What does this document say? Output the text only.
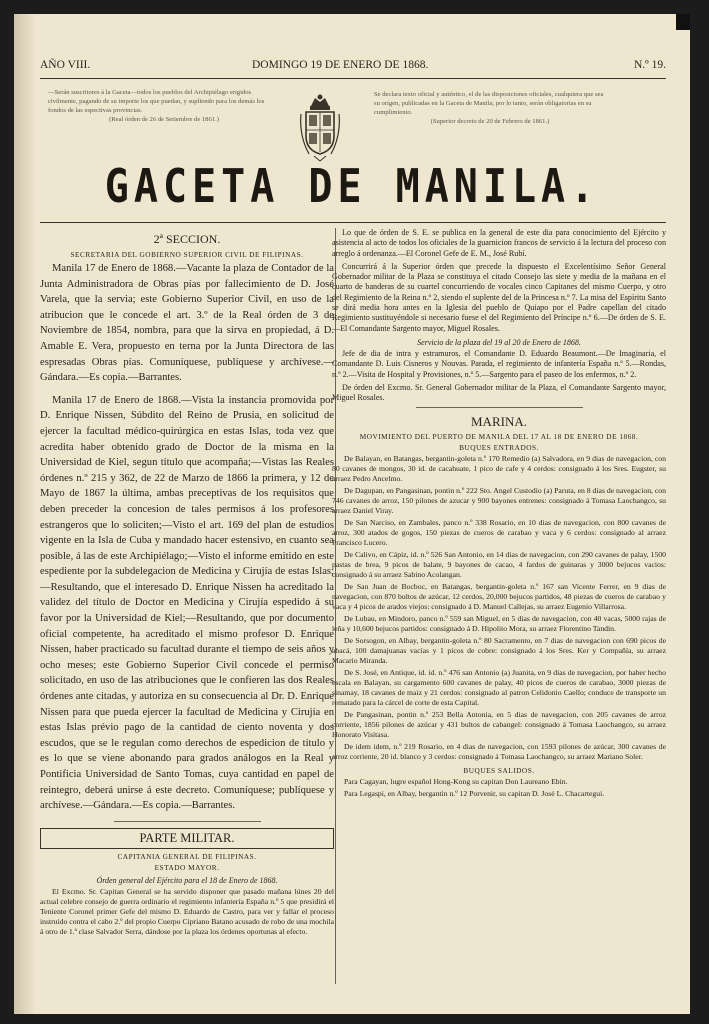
AÑO VIII.	DOMINGO 19 DE ENERO DE 1868.	N.º 19.
—Serán suscritores á la Gaceta—todos los pueblos del Archipiélago erigidos civilmente, pagando de su importe los que puedan, y supliendo para los demás los fondos de las espectivas provincias.
(Real órden de 26 de Setiembre de 1861.)
Se declara texto oficial y auténtico, el de las disposiciones oficiales, cualquiera que sea su orígen, publicadas en la Gaceta de Manila; por lo tanto, serán obligatorias en su cumplimiento.
(Superior decreto de 20 de Febrero de 1861.)
GACETA DE MANILA.
2ª SECCION.
SECRETARIA DEL GOBIERNO SUPERIOR CIVIL DE FILIPINAS.

Manila 17 de Enero de 1868.—Vacante la plaza de Contador de la Junta Administradora de Obras pías por fallecimiento de D. José Varela, que la servia; este Gobierno Superior Civil, en uso de la atribucion que le concede el art. 3.º de la Real órden de 3 de Noviembre de 1854, nombra, para que la sirva en propiedad, á D. Amable E. Vera, propuesto en terna por la Junta Directora de las espresadas Obras pías. Comuníquese, publíquese y archívese.—Gándara.—Es copia.—Barrantes.

Manila 17 de Enero de 1868.—Vista la instancia promovida por D. Enrique Nissen, Súbdito del Reino de Prusia, en solicitud de ejercer la facultad médico-quirúrgica en estas Islas, toda vez que acredita haber obtenido grado de Doctor de la misma en la Universidad de Kiel, segun título que acompaña;—Vistas las Reales órdenes n.º 215 y 362, de 22 de Marzo de 1866 la primera, y 12 de Mayo de 1867 la última, ambas preceptivas de los requisitos que deben preceder la concesion de tales permisos á los profesores estrangeros que lo soliciten;—Visto el art. 169 del plan de estudios vigente en la Isla de Cuba y mandado hacer estensivo, en cuanto sea posible, á las de este Archipiélago;—Visto el informe emitido en este espediente por la subdelegacion de Medicina y Cirujía de estas Islas;—Resultando, que el interesado D. Enrique Nissen ha acreditado la validez del título de Doctor en Medicina y Cirujía espedido á su favor por la Universidad de Kiel;—Resultando, que por documento oficial competente, ha acreditado el mismo profesor D. Enrique Nissen, haber practicado su facultad durante el tiempo de seis años y ocho meses; este Gobierno Superior Civil concede el permiso solicitado, en uso de las atribuciones que le confieren las dos Reales órdenes ante citadas, y autoriza en su consecuencia al Dr. D. Enrique Nissen para que pueda ejercer la facultad de Medicina y Cirujía en estas Islas prévio pago de la cantidad de ciento noventa y dos escudos, que se le regulan como derechos de espedicion de título y es lo que se viene abonando para grados análogos en la Real y Pontificia Universidad de Santo Tomas, cuya cantidad en papel de reintegro, deberá unirse á este decreto. Comuníquese; publíquese y archívese.—Gándara.—Es copia.—Barrantes.

PARTE MILITAR.
CAPITANIA GENERAL DE FILIPINAS.
ESTADO MAYOR.
Órden general del Ejército para el 18 de Enero de 1868.

El Excmo. Sr. Capitan General se ha servido disponer que pasado mañana lúnes 20 del actual celebre consejo de guerra ordinario el regimiento infantería España n.º 5 que presidirá el Teniente Coronel primer Gefe del mismo D. Eduardo de Castro, para ver y fallar el proceso instruido contra el cabo 2.º del propio Cuerpo Cipriano Batano acusado de robo de una mochila á otro de 1.ª clase Salvador Serra, dándose por la plaza los órdenes oportunas al efecto.

Lo que de órden de S. E. se publica en la general de este dia para conocimiento del Ejército y asistencia al acto de todos los oficiales de la guarnicion francos de servicio á la lectura del proceso con arreglo á ordenanza.—El Coronel Gefe de E. M., José Rubí.

Concurrirá á la Superior órden que precede la dispuesto el Excelentísimo Señor General Gobernador militar de la Plaza se constituya el citado Consejo las siete y media de la mañana en el cuarto de banderas de su cuartel concurriendo de vocales cinco Capitanes del mismo Cuerpo, y otro del Regimiento de la Reina n.º 2, siendo el suplente del de la Princesa n.º 7. La misa del Espíritu Santo se dirá media hora antes en la Iglesia del pueblo de Quiapo por el Padre capellan del citado Regimiento sustituyéndole si necesario fuese el del Regimiento del Príncipe n.º 6.—De órden de S. E.—El Comandante Sargento mayor, Miguel Rosales.

Servicio de la plaza del 19 al 20 de Enero de 1868.

Jefe de dia de intra y estramuros, el Comandante D. Eduardo Beaumont.—De Imaginaria, el Comandante D. Luis Cisneros y Nouvas. Parada, el regimiento de infantería España n.º 5.—Rondas, n.º 2.—Visita de Hospital y Provisiones, n.º 5.—Sargento para el paseo de los enfermos, n.º 2.

De órden del Excmo. Sr. General Gobernador militar de la Plaza, el Comandante Sargento mayor, Miguel Rosales.

MARINA.
MOVIMIENTO DEL PUERTO DE MANILA DEL 17 AL 18 DE ENERO DE 1868.
BUQUES ENTRADOS.

De Balayan, en Batangas, bergantin-goleta n.º 170 Remedio (a) Salvadora, en 9 dias de navegacion, con 80 cavanes de mongos, 30 id. de cacahuate, 1 pico de cafe y 4 cerdos: consignado á los Sres. Eugster, su arraez Pedro Ancelmo.

De Dagupan, en Pangasinan, pontin n.º 222 Sto. Angel Custodio (a) Paruta, en 8 dias de navegacion, con 746 cavanes de arroz, 150 pilones de azucar y 900 bayones entrenes: consignado á Tomasa Laochangco, su arraez Daniel Viray.

De San Narciso, en Zambales, panco n.º 338 Rosario, en 10 dias de navegacion, con 800 cavanes de arroz, 300 atados de gogos, 150 piezas de cueros de carabao y vaca y 6 cerdos: consignado al arraez Francisco Lucero.

De Calivo, en Cápiz, id. n.º 526 San Antonio, en 14 dias de navegacion, con 290 cavanes de palay, 1500 pastas de brea, 9 picos de balate, 9 bayones de cacao, 4 fardos de guinaras y 3000 bejucos vacios: consignado á su arraez Sabino Acolangan.

De San Juan de Bocboc, en Batangas, bergantin-goleta n.º 167 san Vicente Ferrer, en 9 dias de navegacion, con 870 bultos de azúcar, 12 cerdos, 20,000 bejucos partidos, 48 piezas de cueros de carabao y vaca y 4 picos de arados viejos: consignado á D. Manuel Callejas, su arraez Eugenio Villarrosa.

De Lubau, en Mindoro, panco n.º 559 san Miguel, en 5 dias de navegacion, con 40 vacas, 5000 rajas de leña y 10,600 bejucos partidos: consignado á D. Hipolito Mora, su arraez Florentino Tandin.

De Sorsogon, en Albay, bergantin-goleta n.º 80 Sacramento, en 7 dias de navegacion con 690 picos de abacá, 100 damajuanas vacías y 1 picos de cobre: consignado á los Sres. Ker y Compañía, su arraez Macario Miranda.

De S. José, en Antique, id. id. n.º 476 san Antonio (a) Juanita, en 9 dias de navegacion, por haber hecho escala en Balayan, su cargamento 600 cavanes de palay, 40 picos de cueros de carabao, 3000 piezas de sinamay, 18 cavanes de maiz y 21 cerdos: consignado al patron Celidonio Caello; conduce de transporte un rematado para la cárcel de corte de esta Capital.

De Pangasinan, pontin n.º 253 Bella Antonia, en 5 dias de navegacion, con 205 cavanes de arroz corriente, 1856 pilones de azúcar y 431 bultos de cabangel: consignado á Tomasa Laochangco, su arraez Honorato Visitasa.

De idem idem, n.º 219 Rosario, en 4 dias de navegacion, con 1593 pilones de azúcar, 300 cavanes de arroz corriente, 20 id. blanco y 3 cerdos: consignado á Tomasa Laochangco, su arraez Mariano Soler.

BUQUES SALIDOS.

Para Cagayan, lugre español Hong-Kong su capitan Don Laureano Ebin.

Para Legaspi, en Albay, bergantin n.º 12 Porvenir, su capitan D. José L. Chacartegui.
